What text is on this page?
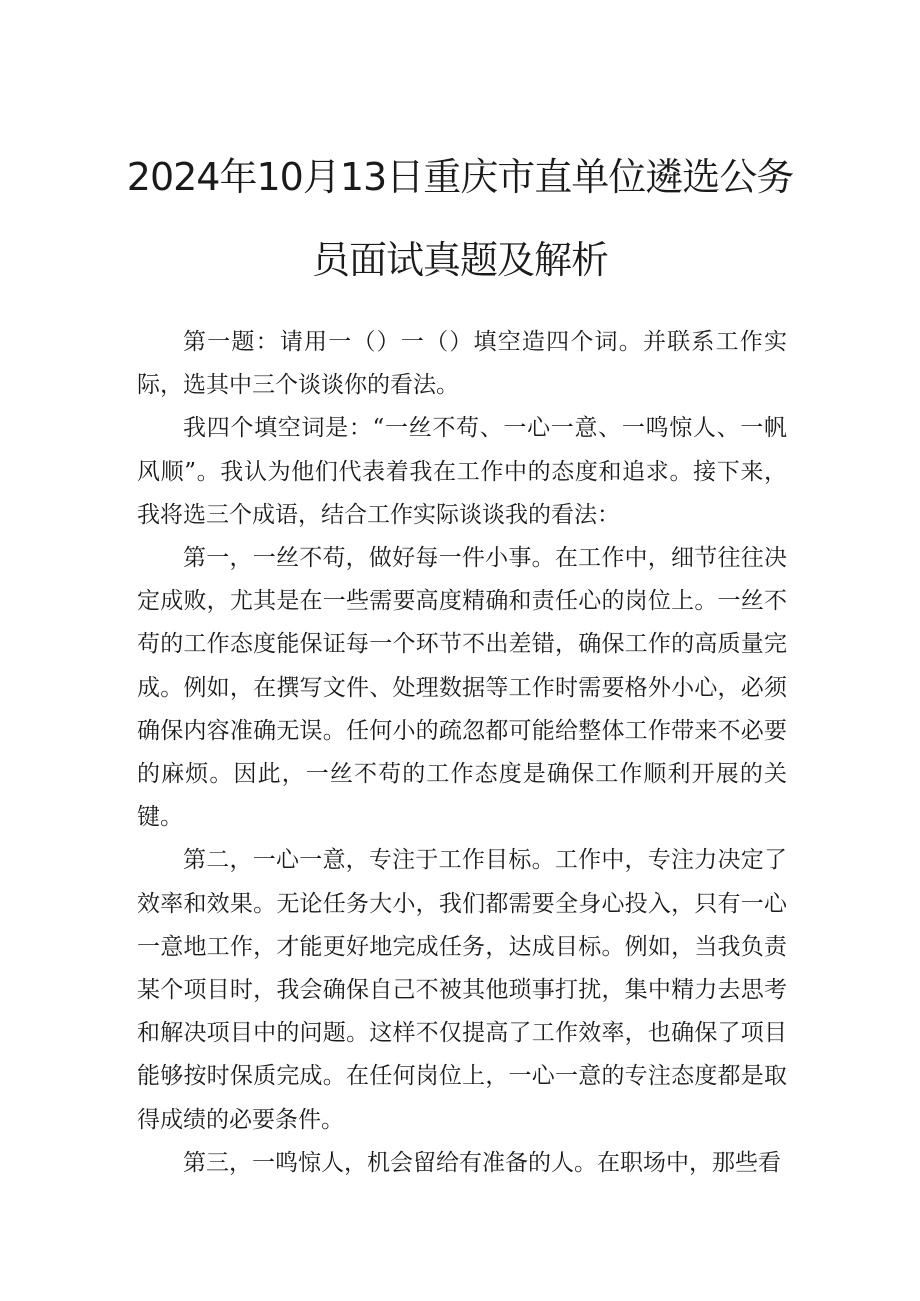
2024年10月13日重庆市直单位遴选公务
员面试真题及解析

第一题：请用一（）一（）填空造四个词。并联系工作实际，选其中三个谈谈你的看法。

我四个填空词是：“一丝不苟、一心一意、一鸣惊人、一帆风顺”。我认为他们代表着我在工作中的态度和追求。接下来，我将选三个成语，结合工作实际谈谈我的看法：

第一，一丝不苟，做好每一件小事。在工作中，细节往往决定成败，尤其是在一些需要高度精确和责任心的岗位上。一丝不苟的工作态度能保证每一个环节不出差错，确保工作的高质量完成。例如，在撰写文件、处理数据等工作时需要格外小心，必须确保内容准确无误。任何小的疏忽都可能给整体工作带来不必要的麻烦。因此，一丝不苟的工作态度是确保工作顺利开展的关键。

第二，一心一意，专注于工作目标。工作中，专注力决定了效率和效果。无论任务大小，我们都需要全身心投入，只有一心一意地工作，才能更好地完成任务，达成目标。例如，当我负责某个项目时，我会确保自己不被其他琐事打扰，集中精力去思考和解决项目中的问题。这样不仅提高了工作效率，也确保了项目能够按时保质完成。在任何岗位上，一心一意的专注态度都是取得成绩的必要条件。

第三，一鸣惊人，机会留给有准备的人。在职场中，那些看
